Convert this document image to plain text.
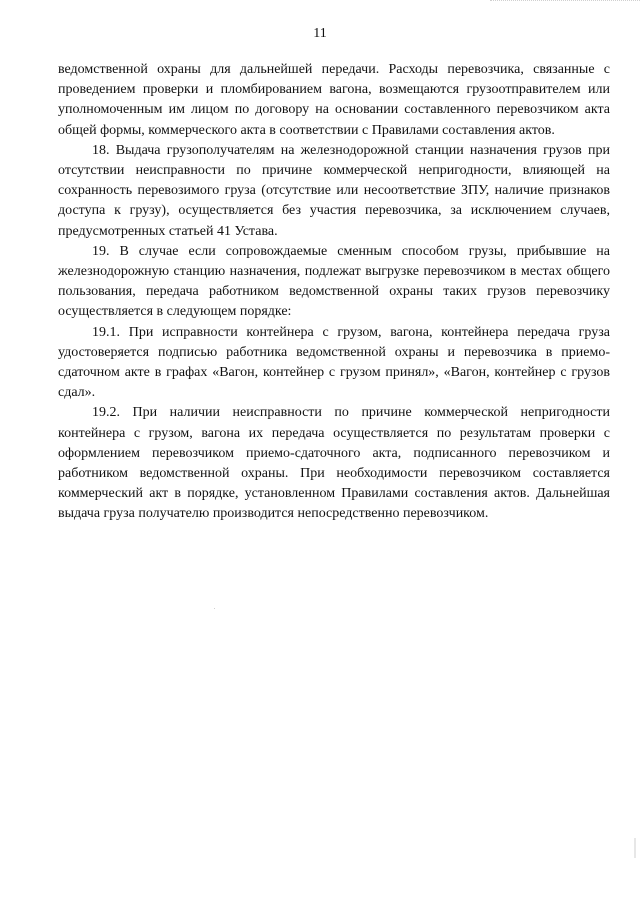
11

ведомственной охраны для дальнейшей передачи. Расходы перевозчика, связанные с проведением проверки и пломбированием вагона, возмещаются грузоотправителем или уполномоченным им лицом по договору на основании составленного перевозчиком акта общей формы, коммерческого акта в соответствии с Правилами составления актов.

18. Выдача грузополучателям на железнодорожной станции назначения грузов при отсутствии неисправности по причине коммерческой непригодности, влияющей на сохранность перевозимого груза (отсутствие или несоответствие ЗПУ, наличие признаков доступа к грузу), осуществляется без участия перевозчика, за исключением случаев, предусмотренных статьей 41 Устава.

19. В случае если сопровождаемые сменным способом грузы, прибывшие на железнодорожную станцию назначения, подлежат выгрузке перевозчиком в местах общего пользования, передача работником ведомственной охраны таких грузов перевозчику осуществляется в следующем порядке:

19.1. При исправности контейнера с грузом, вагона, контейнера передача груза удостоверяется подписью работника ведомственной охраны и перевозчика в приемо-сдаточном акте в графах «Вагон, контейнер с грузом принял», «Вагон, контейнер с грузов сдал».

19.2. При наличии неисправности по причине коммерческой непригодности контейнера с грузом, вагона их передача осуществляется по результатам проверки с оформлением перевозчиком приемо-сдаточного акта, подписанного перевозчиком и работником ведомственной охраны. При необходимости перевозчиком составляется коммерческий акт в порядке, установленном Правилами составления актов. Дальнейшая выдача груза получателю производится непосредственно перевозчиком.
